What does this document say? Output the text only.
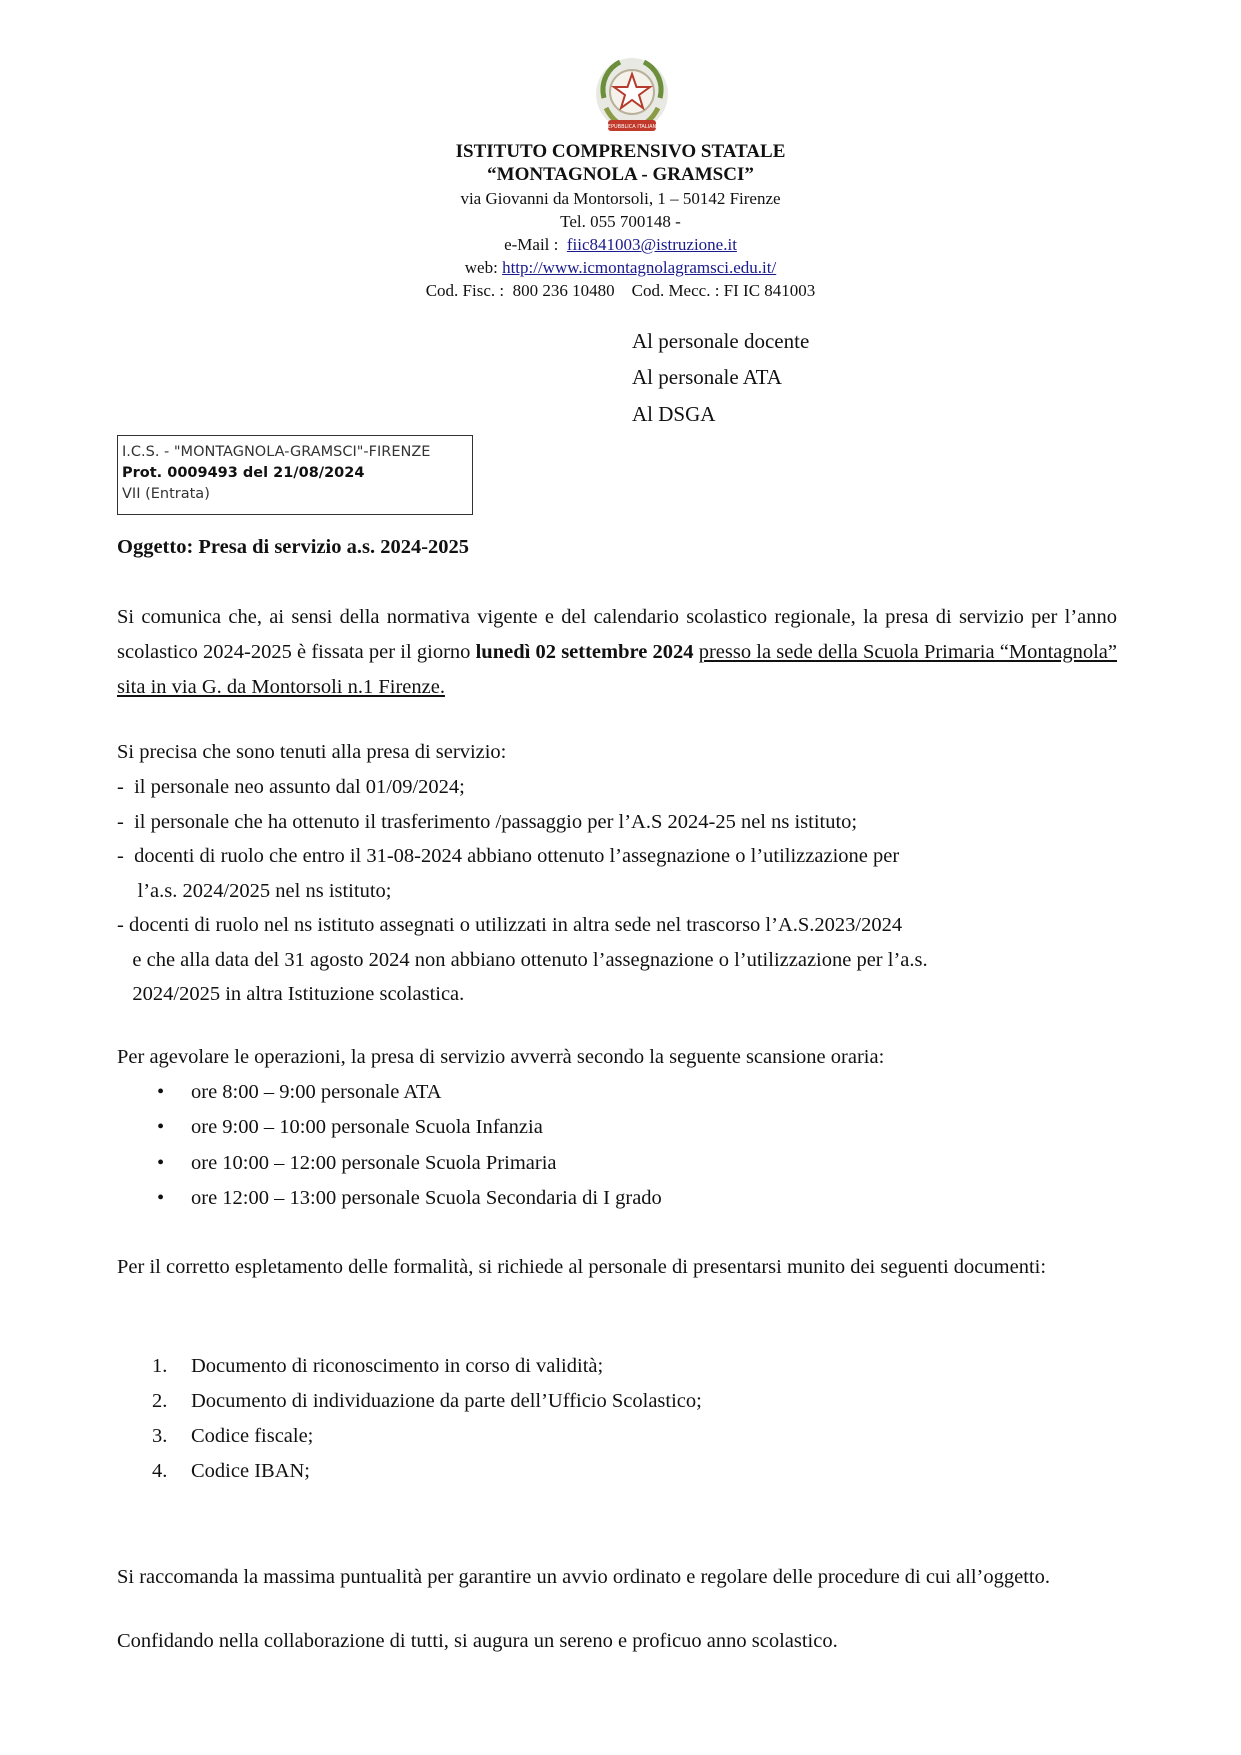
REPUBBLICA ITALIANA
ISTITUTO COMPRENSIVO STATALE
“MONTAGNOLA - GRAMSCI”
via Giovanni da Montorsoli, 1 – 50142 Firenze
Tel. 055 700148 -
e-Mail : fiic841003@istruzione.it
web: http://www.icmontagnolagramsci.edu.it/
Cod. Fisc. :  800 236 10480    Cod. Mecc. : FI IC 841003
Al personale docente
Al personale ATA
Al DSGA
I.C.S. - "MONTAGNOLA-GRAMSCI"-FIRENZE
Prot. 0009493 del 21/08/2024
VII (Entrata)
Oggetto: Presa di servizio a.s. 2024-2025
Si comunica che, ai sensi della normativa vigente e del calendario scolastico regionale, la presa di servizio per l’anno scolastico 2024-2025 è fissata per il giorno lunedì 02 settembre 2024 presso la sede della Scuola Primaria “Montagnola” sita in via G. da Montorsoli n.1 Firenze.
Si precisa che sono tenuti alla presa di servizio:
-  il personale neo assunto dal 01/09/2024;
-  il personale che ha ottenuto il trasferimento /passaggio per l’A.S 2024-25 nel ns istituto;
-  docenti di ruolo che entro il 31-08-2024 abbiano ottenuto l’assegnazione o l’utilizzazione per
l’a.s. 2024/2025 nel ns istituto;
- docenti di ruolo nel ns istituto assegnati o utilizzati in altra sede nel trascorso l’A.S.2023/2024
e che alla data del 31 agosto 2024 non abbiano ottenuto l’assegnazione o l’utilizzazione per l’a.s.
2024/2025 in altra Istituzione scolastica.
Per agevolare le operazioni, la presa di servizio avverrà secondo la seguente scansione oraria:
• ore 8:00 – 9:00 personale ATA
• ore 9:00 – 10:00 personale Scuola Infanzia
• ore 10:00 – 12:00 personale Scuola Primaria
• ore 12:00 – 13:00 personale Scuola Secondaria di I grado
Per il corretto espletamento delle formalità, si richiede al personale di presentarsi munito dei seguenti documenti:
1. Documento di riconoscimento in corso di validità;
2. Documento di individuazione da parte dell’Ufficio Scolastico;
3. Codice fiscale;
4. Codice IBAN;
Si raccomanda la massima puntualità per garantire un avvio ordinato e regolare delle procedure di cui all’oggetto.
Confidando nella collaborazione di tutti, si augura un sereno e proficuo anno scolastico.
